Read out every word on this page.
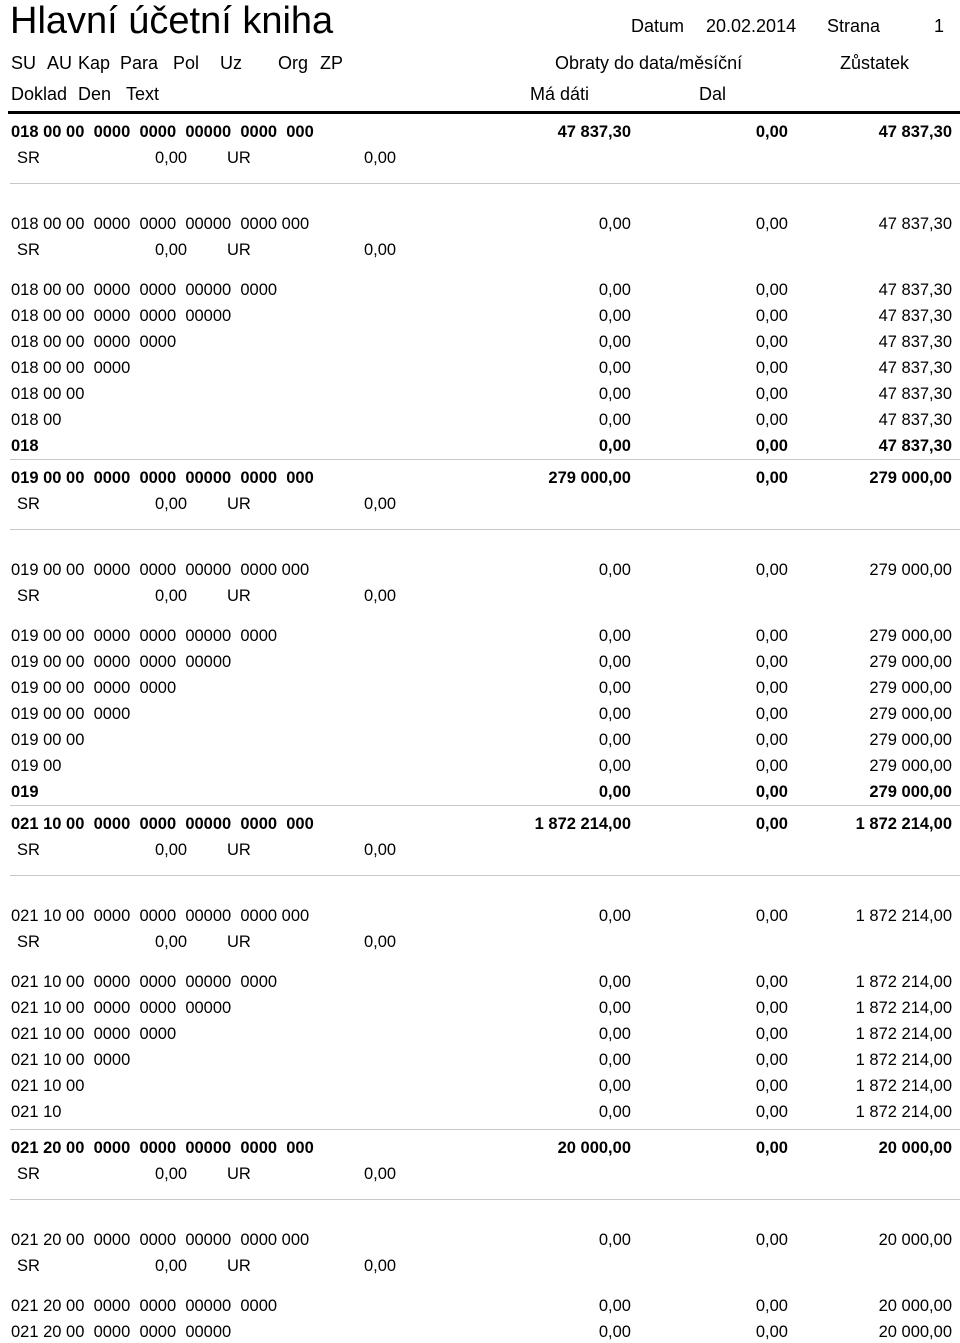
Hlavní účetní kniha	Datum 20.02.2014 Strana	1
SU AU Kap Para Pol Uz Org ZP	Obraty do data/měsíční	Zůstatek
Doklad Den Text	Má dáti	Dal
018 00 00  0000  0000  00000  0000  000	47 837,30	0,00	47 837,30
SR	0,00 UR	0,00
018 00 00  0000  0000  00000  0000 000	0,00	0,00	47 837,30
SR	0,00 UR	0,00
018 00 00  0000  0000  00000  0000	0,00	0,00	47 837,30
018 00 00  0000  0000  00000	0,00	0,00	47 837,30
018 00 00  0000  0000	0,00	0,00	47 837,30
018 00 00  0000	0,00	0,00	47 837,30
018 00 00	0,00	0,00	47 837,30
018 00	0,00	0,00	47 837,30
018	0,00	0,00	47 837,30
019 00 00  0000  0000  00000  0000  000	279 000,00	0,00	279 000,00
SR	0,00 UR	0,00
019 00 00  0000  0000  00000  0000 000	0,00	0,00	279 000,00
SR	0,00 UR	0,00
019 00 00  0000  0000  00000  0000	0,00	0,00	279 000,00
019 00 00  0000  0000  00000	0,00	0,00	279 000,00
019 00 00  0000  0000	0,00	0,00	279 000,00
019 00 00  0000	0,00	0,00	279 000,00
019 00 00	0,00	0,00	279 000,00
019 00	0,00	0,00	279 000,00
019	0,00	0,00	279 000,00
021 10 00  0000  0000  00000  0000  000	1 872 214,00	0,00	1 872 214,00
SR	0,00 UR	0,00
021 10 00  0000  0000  00000  0000 000	0,00	0,00	1 872 214,00
SR	0,00 UR	0,00
021 10 00  0000  0000  00000  0000	0,00	0,00	1 872 214,00
021 10 00  0000  0000  00000	0,00	0,00	1 872 214,00
021 10 00  0000  0000	0,00	0,00	1 872 214,00
021 10 00  0000	0,00	0,00	1 872 214,00
021 10 00	0,00	0,00	1 872 214,00
021 10	0,00	0,00	1 872 214,00
021 20 00  0000  0000  00000  0000  000	20 000,00	0,00	20 000,00
SR	0,00 UR	0,00
021 20 00  0000  0000  00000  0000 000	0,00	0,00	20 000,00
SR	0,00 UR	0,00
021 20 00  0000  0000  00000  0000	0,00	0,00	20 000,00
021 20 00  0000  0000  00000	0,00	0,00	20 000,00
